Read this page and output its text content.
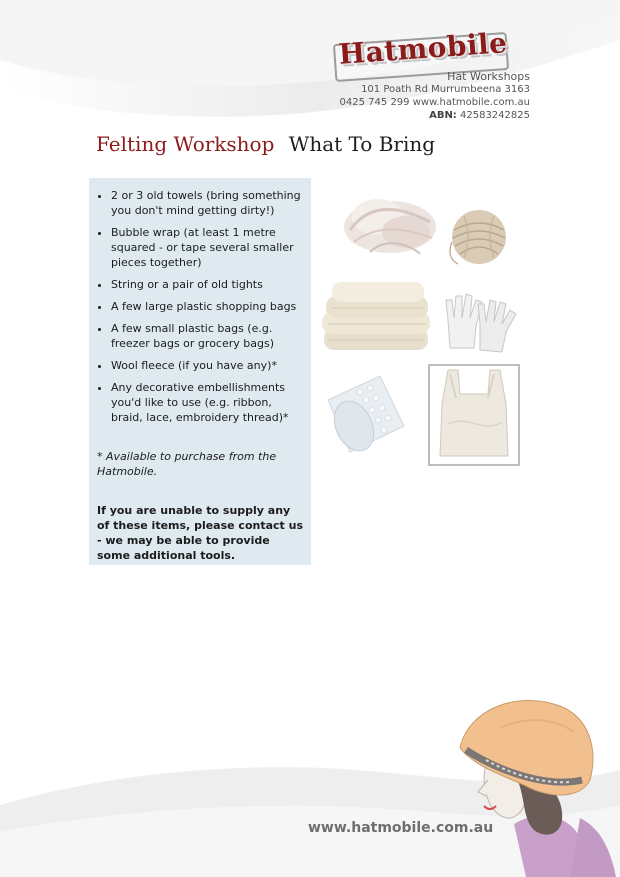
Hatmobile
Hat Workshops
101 Poath Rd Murrumbeena 3163
0425 745 299 www.hatmobile.com.au
ABN: 42583242825
Felting Workshop What To Bring
• 2 or 3 old towels (bring something you don't mind getting dirty!)
• Bubble wrap (at least 1 metre squared - or tape several smaller pieces together)
• String or a pair of old tights
• A few large plastic shopping bags
• A few small plastic bags (e.g. freezer bags or grocery bags)
• Wool fleece (if you have any)*
• Any decorative embellishments you'd like to use (e.g. ribbon, braid, lace, embroidery thread)*
* Available to purchase from the Hatmobile.
If you are unable to supply any of these items, please contact us - we may be able to provide some additional tools.
www.hatmobile.com.au
